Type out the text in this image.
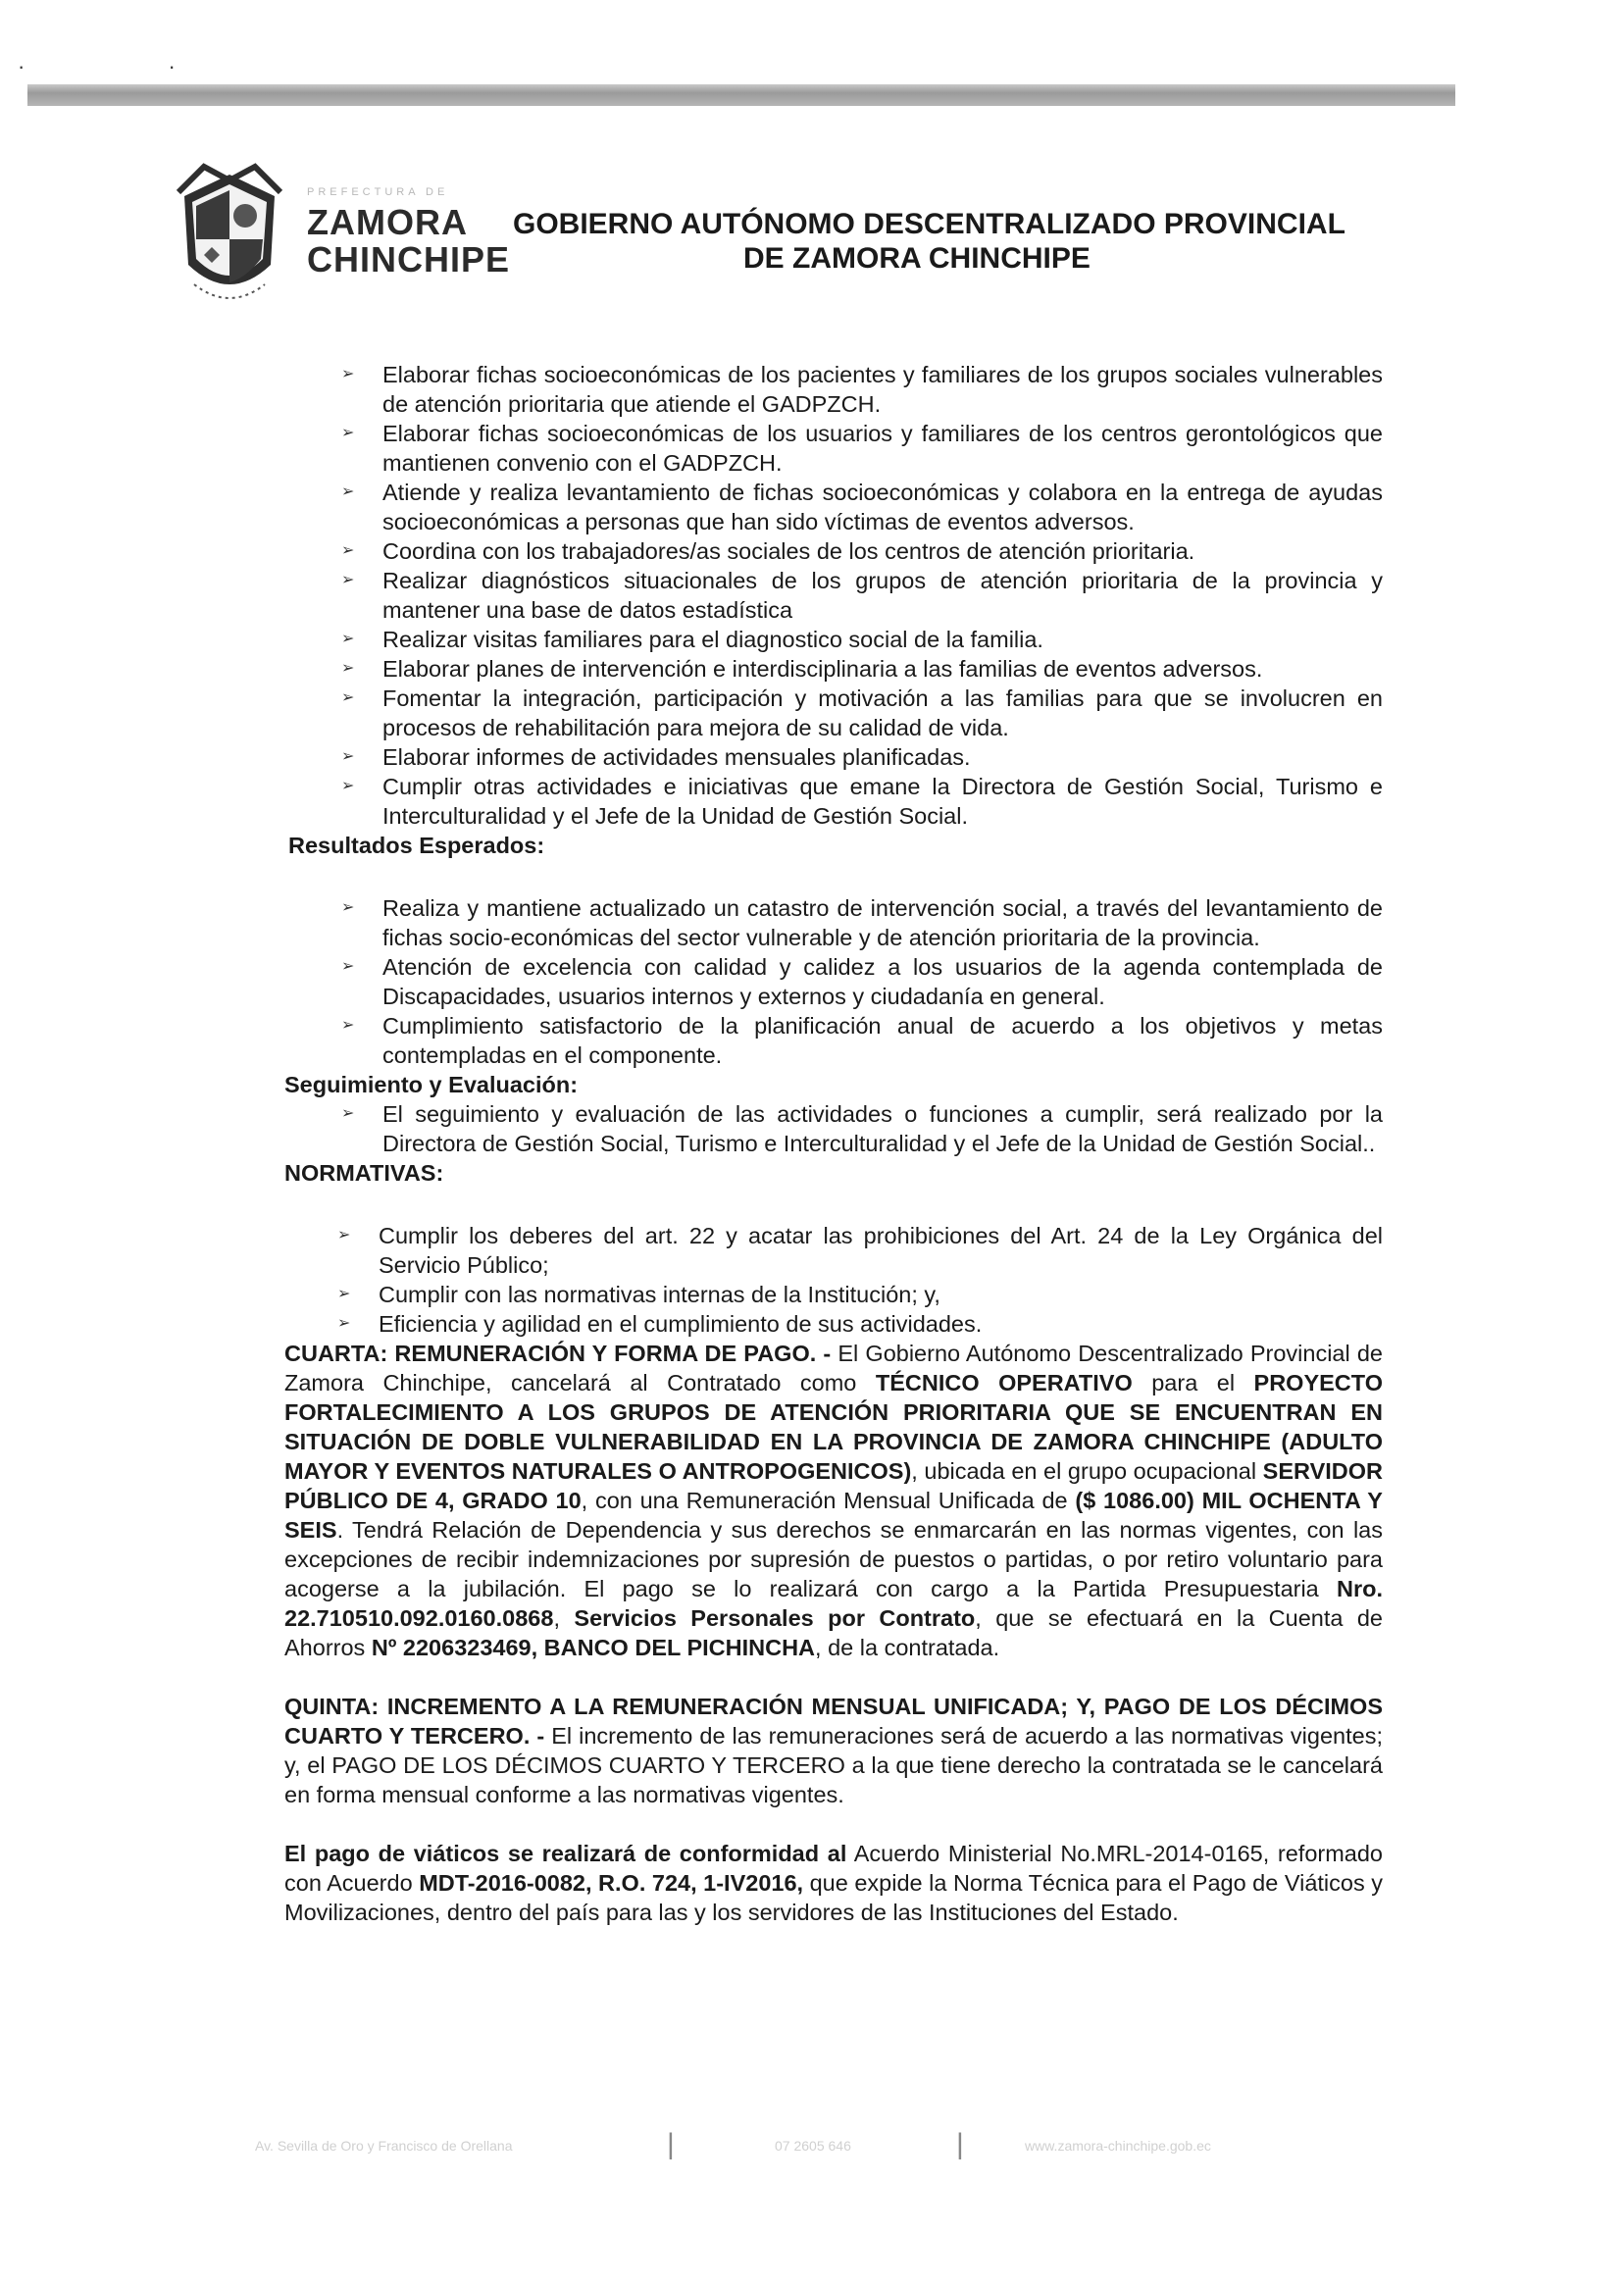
· ·
PREFECTURA DE
ZAMORA
CHINCHIPE
GOBIERNO AUTÓNOMO DESCENTRALIZADO PROVINCIAL
DE ZAMORA CHINCHIPE
➢ Elaborar fichas socioeconómicas de los pacientes y familiares de los grupos sociales vulnerables de atención prioritaria que atiende el GADPZCH.
➢ Elaborar fichas socioeconómicas de los usuarios y familiares de los centros gerontológicos que mantienen convenio con el GADPZCH.
➢ Atiende y realiza levantamiento de fichas socioeconómicas y colabora en la entrega de ayudas socioeconómicas a personas que han sido víctimas de eventos adversos.
➢ Coordina con los trabajadores/as sociales de los centros de atención prioritaria.
➢ Realizar diagnósticos situacionales de los grupos de atención prioritaria de la provincia y mantener una base de datos estadística
➢ Realizar visitas familiares para el diagnostico social de la familia.
➢ Elaborar planes de intervención e interdisciplinaria a las familias de eventos adversos.
➢ Fomentar la integración, participación y motivación a las familias para que se involucren en procesos de rehabilitación para mejora de su calidad de vida.
➢ Elaborar informes de actividades mensuales planificadas.
➢ Cumplir otras actividades e iniciativas que emane la Directora de Gestión Social, Turismo e Interculturalidad y el Jefe de la Unidad de Gestión Social.

Resultados Esperados:

➢ Realiza y mantiene actualizado un catastro de intervención social, a través del levantamiento de fichas socio-económicas del sector vulnerable y de atención prioritaria de la provincia.
➢ Atención de excelencia con calidad y calidez a los usuarios de la agenda contemplada de Discapacidades, usuarios internos y externos y ciudadanía en general.
➢ Cumplimiento satisfactorio de la planificación anual de acuerdo a los objetivos y metas contempladas en el componente.

Seguimiento y Evaluación:

➢ El seguimiento y evaluación de las actividades o funciones a cumplir, será realizado por la Directora de Gestión Social, Turismo e Interculturalidad y el Jefe de la Unidad de Gestión Social..

NORMATIVAS:

➢ Cumplir los deberes del art. 22 y acatar las prohibiciones del Art. 24 de la Ley Orgánica del Servicio Público;
➢ Cumplir con las normativas internas de la Institución; y,
➢ Eficiencia y agilidad en el cumplimiento de sus actividades.

CUARTA: REMUNERACIÓN Y FORMA DE PAGO. - El Gobierno Autónomo Descentralizado Provincial de Zamora Chinchipe, cancelará al Contratado como TÉCNICO OPERATIVO para el PROYECTO FORTALECIMIENTO A LOS GRUPOS DE ATENCIÓN PRIORITARIA QUE SE ENCUENTRAN EN SITUACIÓN DE DOBLE VULNERABILIDAD EN LA PROVINCIA DE ZAMORA CHINCHIPE (ADULTO MAYOR Y EVENTOS NATURALES O ANTROPOGENICOS), ubicada en el grupo ocupacional SERVIDOR PÚBLICO DE 4, GRADO 10, con una Remuneración Mensual Unificada de ($ 1086.00) MIL OCHENTA Y SEIS. Tendrá Relación de Dependencia y sus derechos se enmarcarán en las normas vigentes, con las excepciones de recibir indemnizaciones por supresión de puestos o partidas, o por retiro voluntario para acogerse a la jubilación. El pago se lo realizará con cargo a la Partida Presupuestaria Nro. 22.710510.092.0160.0868, Servicios Personales por Contrato, que se efectuará en la Cuenta de Ahorros Nº 2206323469, BANCO DEL PICHINCHA, de la contratada.

QUINTA: INCREMENTO A LA REMUNERACIÓN MENSUAL UNIFICADA; Y, PAGO DE LOS DÉCIMOS CUARTO Y TERCERO. - El incremento de las remuneraciones será de acuerdo a las normativas vigentes; y, el PAGO DE LOS DÉCIMOS CUARTO Y TERCERO a la que tiene derecho la contratada se le cancelará en forma mensual conforme a las normativas vigentes.

El pago de viáticos se realizará de conformidad al Acuerdo Ministerial No.MRL-2014-0165, reformado con Acuerdo MDT-2016-0082, R.O. 724, 1-IV2016, que expide la Norma Técnica para el Pago de Viáticos y Movilizaciones, dentro del país para las y los servidores de las Instituciones del Estado.

Av. Sevilla de Oro y Francisco de Orellana	|	07 2605 646	|	www.zamora-chinchipe.gob.ec
